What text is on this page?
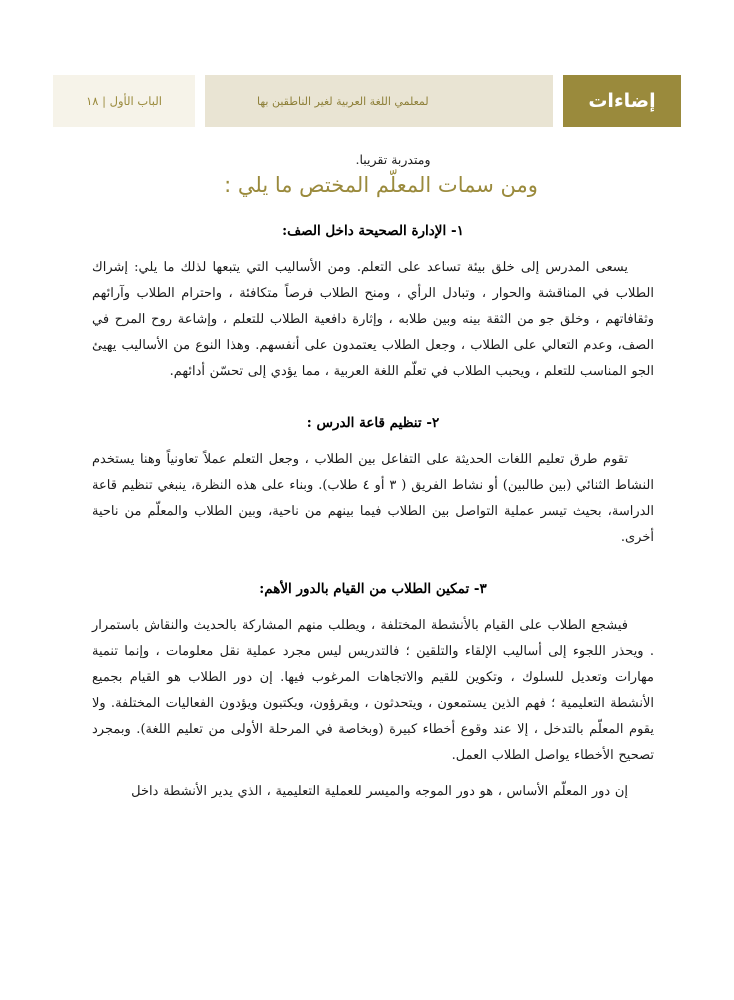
الباب الأول | ١٨	لمعلمي اللغة العربية لغير الناطقين بها	إضاءات

ومتدربة تقريبا.

ومن سمات المعلّم المختص ما يلي :
١- الإدارة الصحيحة داخل الصف:

يسعى المدرس إلى خلق بيئة تساعد على التعلم. ومن الأساليب التي يتبعها لذلك ما يلي: إشراك الطلاب في المناقشة والحوار ، وتبادل الرأي ، ومنح الطلاب فرصاً متكافئة ، واحترام الطلاب وآرائهم وثقافاتهم ، وخلق جو من الثقة بينه وبين طلابه ، وإثارة دافعية الطلاب للتعلم ، وإشاعة روح المرح في الصف، وعدم التعالي على الطلاب ، وجعل الطلاب يعتمدون على أنفسهم. وهذا النوع من الأساليب يهيئ الجو المناسب للتعلم ، ويحبب الطلاب في تعلّم اللغة العربية ، مما يؤدي إلى تحسّن أدائهم.

٢- تنظيم قاعة الدرس :

تقوم طرق تعليم اللغات الحديثة على التفاعل بين الطلاب ، وجعل التعلم عملاً تعاونياً وهنا يستخدم النشاط الثنائي (بين طالبين) أو نشاط الفريق ( ٣ أو ٤ طلاب). وبناء على هذه النظرة، ينبغي تنظيم قاعة الدراسة، بحيث تيسر عملية التواصل بين الطلاب فيما بينهم من ناحية، وبين الطلاب والمعلّم من ناحية أخرى.

٣- تمكين الطلاب من القيام بالدور الأهم:

فيشجع الطلاب على القيام بالأنشطة المختلفة ، ويطلب منهم المشاركة بالحديث والنقاش باستمرار . ويحذر اللجوء إلى أساليب الإلقاء والتلقين ؛ فالتدريس ليس مجرد عملية نقل معلومات ، وإنما تنمية مهارات وتعديل للسلوك ، وتكوين للقيم والاتجاهات المرغوب فيها. إن دور الطلاب هو القيام بجميع الأنشطة التعليمية ؛ فهم الذين يستمعون ، ويتحدثون ، ويقرؤون، ويكتبون ويؤدون الفعاليات المختلفة. ولا يقوم المعلّم بالتدخل ، إلا عند وقوع أخطاء كبيرة (وبخاصة في المرحلة الأولى من تعليم اللغة). وبمجرد تصحيح الأخطاء يواصل الطلاب العمل.

إن دور المعلّم الأساس ، هو دور الموجه والميسر للعملية التعليمية ، الذي يدير الأنشطة داخل
